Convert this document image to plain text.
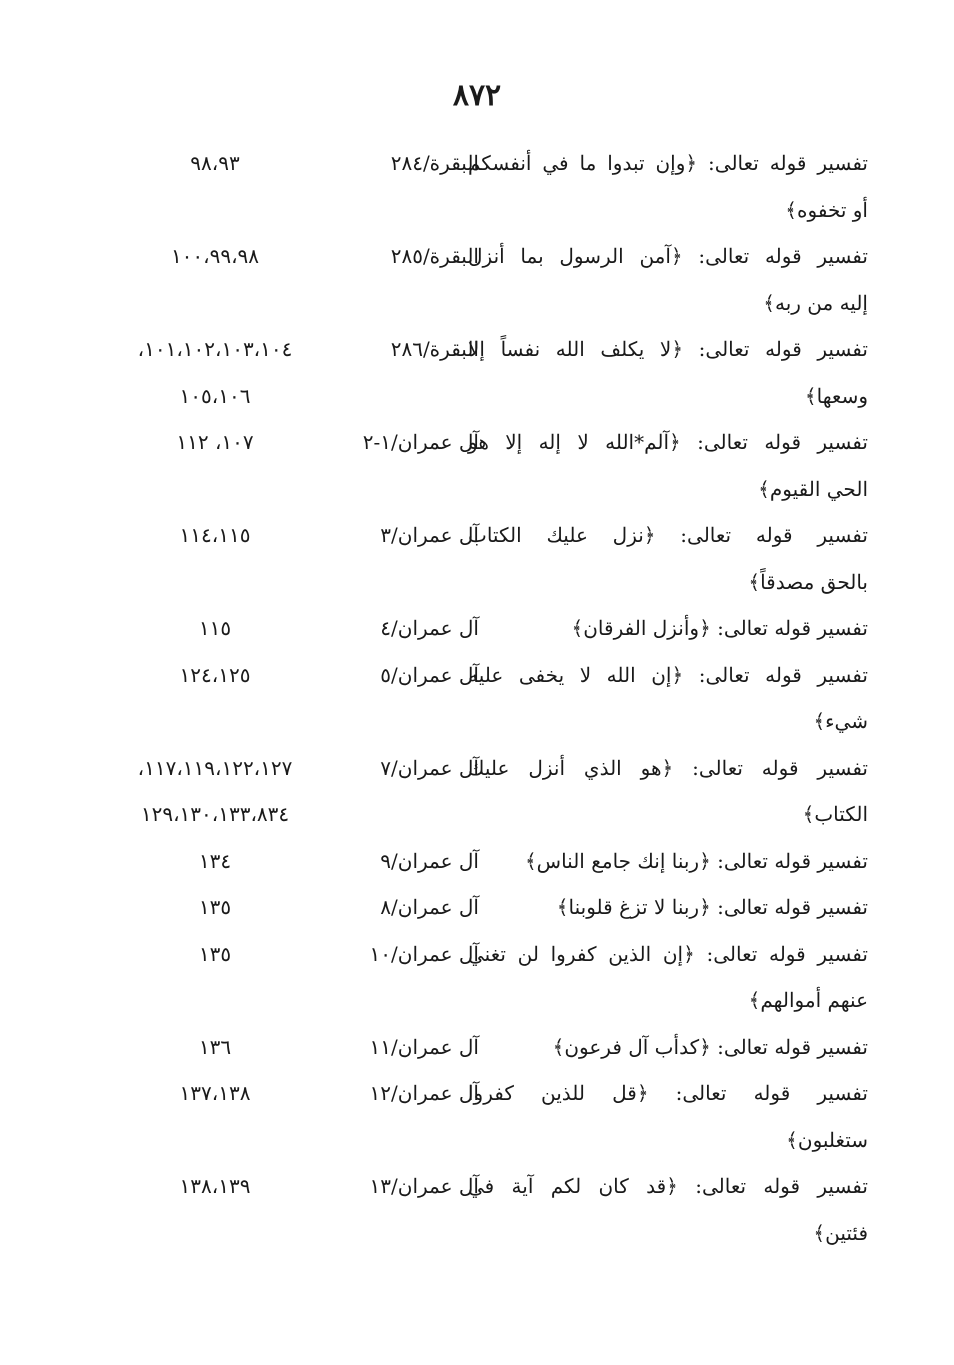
٨٧٢
تفسير قوله تعالى: ﴿وإن تبدوا ما في أنفسكم
البقرة/٢٨٤
٩٨،٩٣
أو تخفوه﴾
تفسير قوله تعالى: ﴿آمن الرسول بما أنزل
البقرة/٢٨٥
١٠٠،٩٩،٩٨
إليه من ربه﴾
تفسير قوله تعالى: ﴿لا يكلف الله نفساً إلا
البقرة/٢٨٦
١٠١،١٠٢،١٠٣،١٠٤،
وسعها﴾
١٠٥،١٠٦
تفسير قوله تعالى: ﴿آلم*الله لا إله إلا هو
آل عمران/١-٢
١٠٧، ١١٢
الحي القيوم﴾
تفسير قوله تعالى: ﴿نزل عليك الكتاب
آل عمران/٣
١١٤،١١٥
بالحق مصدقاً﴾
تفسير قوله تعالى: ﴿وأنزل الفرقان﴾
آل عمران/٤
١١٥
تفسير قوله تعالى: ﴿إن الله لا يخفى عليه
آل عمران/٥
١٢٤،١٢٥
شيء﴾
تفسير قوله تعالى: ﴿هو الذي أنزل عليك
آل عمران/٧
١١٧،١١٩،١٢٢،١٢٧،
الكتاب﴾
١٢٩،١٣٠،١٣٣،٨٣٤
تفسير قوله تعالى: ﴿ربنا إنك جامع الناس﴾
آل عمران/٩
١٣٤
تفسير قوله تعالى: ﴿ربنا لا تزغ قلوبنا﴾
آل عمران/٨
١٣٥
تفسير قوله تعالى: ﴿إن الذين كفروا لن تغني
آل عمران/١٠
١٣٥
عنهم أموالهم﴾
تفسير قوله تعالى: ﴿كدأب آل فرعون﴾
آل عمران/١١
١٣٦
تفسير قوله تعالى: ﴿قل للذين كفروا
آل عمران/١٢
١٣٧،١٣٨
ستغلبون﴾
تفسير قوله تعالى: ﴿قد كان لكم آية في
آل عمران/١٣
١٣٨،١٣٩
فئتين﴾
